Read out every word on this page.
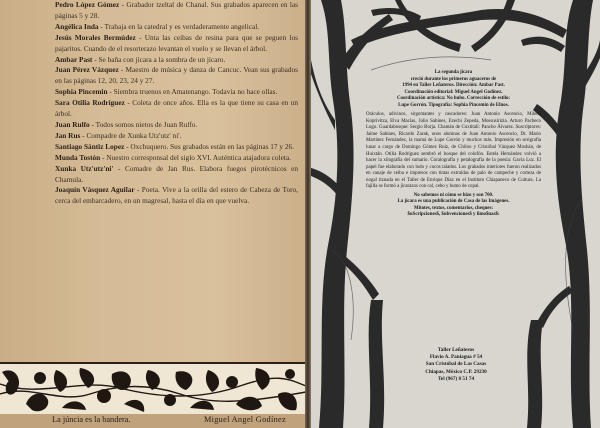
Pedro López Gómez - Grabador tzeltal de Chanal. Sus grabados aparecen en las páginas 5 y 28.

Angélica Inda - Trabaja en la catedral y es verdaderamente angelical.

Jesús Morales Bermúdez - Unta las ceibas de resina para que se peguen los pajaritos. Cuando de el resorterazo levantan el vuelo y se llevan el árbol.

Ambar Past - Se baña con jícara a la sombra de un jícaro.

Juan Pérez Vázquez - Maestro de música y danza de Cancuc. Vean sus grabados en las páginas 12, 20, 23, 24 y 27.

Sophia Pincemin - Siembra truenos en Amatenango. Todavía no hace ollas.

Sara Otilia Rodríguez - Coleta de once años. Ella es la que tiene su casa en un árbol.

Juan Rulfo - Todos somos nietos de Juan Rulfo.

Jan Rus - Compadre de Xunka Utz'utz' ni'.

Santiago Sántiz Lopez - Oxchuquero. Sus grabados están en las páginas 17 y 26.

Munda Tostón - Nuestro corresponsal del siglo XVI. Auténtica atajadora coleta.

Xunka Utz'utz'ni' - Comadre de Jan Rus. Elabora fuegos pirotécnicos en Chamula.

Joaquín Vásquez Aguilar - Poeta. Vive a la orilla del estero de Cabeza de Toro, cerca del embarcadero, en un magresal, hasta el día en que vuelva.

La júncia es la bandera.	Miguel Angel Godínez
La segunda jícara
creció durante los primeros aguaceros de
1994 en Taller Leñateros. Dirección: Ambar Past.
Coordinación editorial: Miguel Angel Godínez.
Coordinación artística: No hubo. Corrección de estilo:
Lupe Gorrón. Tipografía: Sophia Pincemin de Elnos.
Oráculos, adivinos, sirgomantes y cascadores: Juan Antonio Ascencio, Milena Koprivitza, Elva Macías, Julio Sabines, Ezechi Zepeda, Mossusirizia. Arturo Pacheco Lugo. Guardabosque: Sergio Borja. Chamán de Cuxtitali: Pancho Álvarez. Suscriptores: Jaime Sabines, Ricardo Zarak, unos alumnas de Juan Antonio Ascencio, Dr. Mario Martínez Fernández, la mamá de Lupe Gorrón y muchos más. Impresión en serigrafía lunar a cargo de Domingo Gómez Ruiz, de Chiloo y Cristóbal Vázquez Moshán, de Huixtán. Otilia Rodríguez sembró el bosque del colofón. Estela Hernández volvió a hacer la xilografía del sumario. Coralografía y petalografía de la poesía: Gavia Luz. El papel fue elaborado con lodo y cocos talados. Los grabados interiores fueron realizados en canaje de ceiba e impresos con tintas extraídas de palo de campeche y corteza de nogal tiznada en el Taller de Enrique Díaz en el Instituto Chiapaneco de Cultura. La fajilla se formó a jícarazos con cal, cebo y humo de copal.
No sabemos ni cómo se hizo y son 700.
La jícara es una publicación de Casa de las Imágenes.
Mitotes, textos, comentarios, cheques:
$uScripciones$, $ubvenciones$ y limo$nas$:
Taller Leñateros
Flavio A. Paniagua # 54
San Cristóbal de Las Casas
Chiapas, México C.P. 29230
Tel (967) 8 51 74
